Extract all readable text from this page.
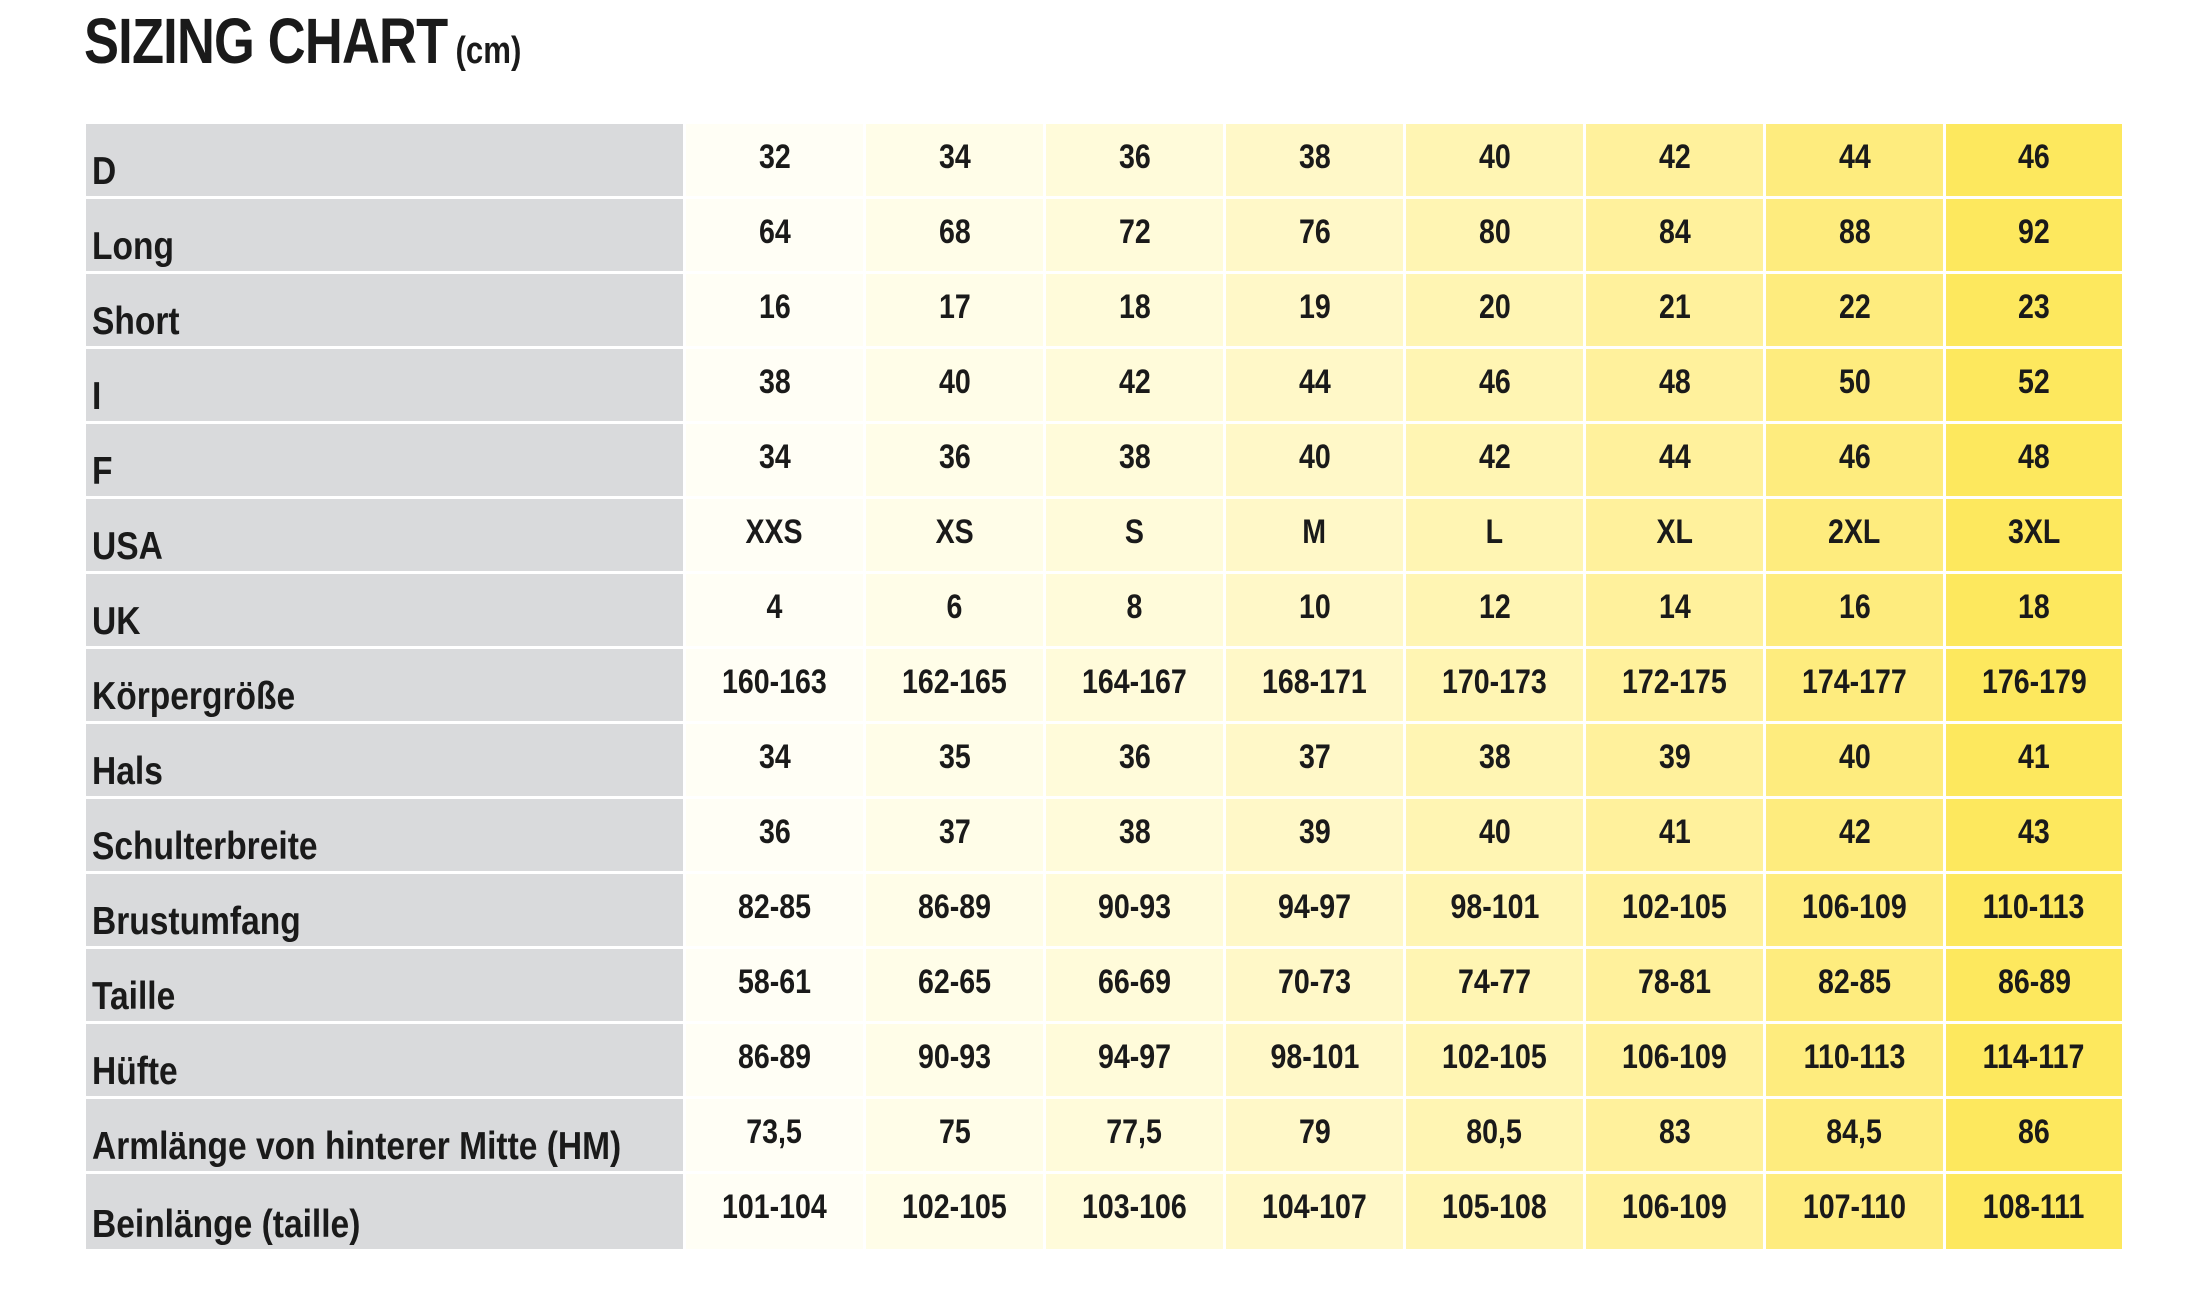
SIZING CHART (cm)
D	32	34	36	38	40	42	44	46
Long	64	68	72	76	80	84	88	92
Short	16	17	18	19	20	21	22	23
I	38	40	42	44	46	48	50	52
F	34	36	38	40	42	44	46	48
USA	XXS	XS	S	M	L	XL	2XL	3XL
UK	4	6	8	10	12	14	16	18
Körpergröße	160-163	162-165	164-167	168-171	170-173	172-175	174-177	176-179
Hals	34	35	36	37	38	39	40	41
Schulterbreite	36	37	38	39	40	41	42	43
Brustumfang	82-85	86-89	90-93	94-97	98-101	102-105	106-109	110-113
Taille	58-61	62-65	66-69	70-73	74-77	78-81	82-85	86-89
Hüfte	86-89	90-93	94-97	98-101	102-105	106-109	110-113	114-117
Armlänge von hinterer Mitte (HM)	73,5	75	77,5	79	80,5	83	84,5	86
Beinlänge (taille)	101-104	102-105	103-106	104-107	105-108	106-109	107-110	108-111
